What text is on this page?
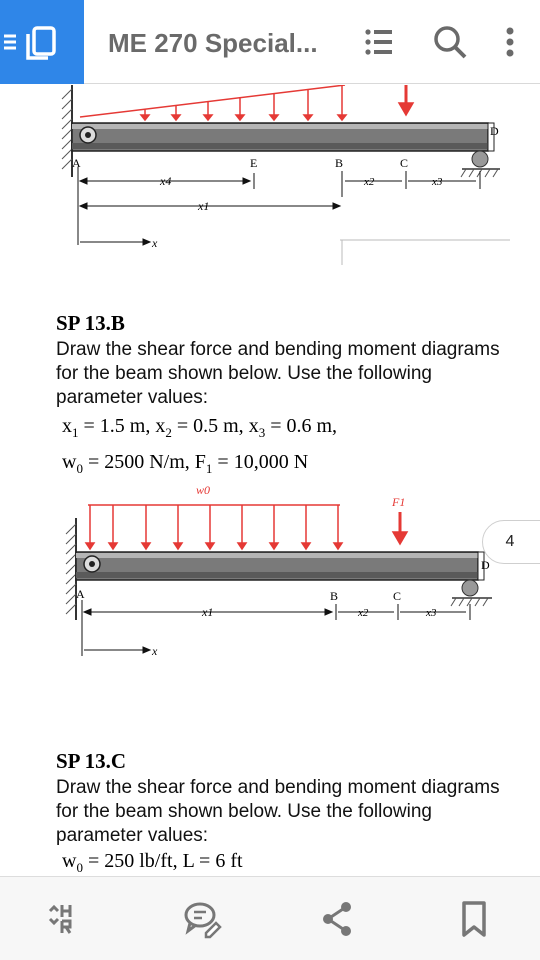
ME 270 Special...
A	E	B	C
D
x4
x1
x2	x3
x
SP 13.B
Draw the shear force and bending moment diagrams for the beam shown below. Use the following parameter values:
$x_1 = 1.5$ m, $x_2 = 0.5$ m, $x_3 = 0.6$ m,
$w_0 = 2500$ N/m, $F_1 = 10,000$ N
w0
F1
A	B	C
D
x1	x2	x3
x
SP 13.C
Draw the shear force and bending moment diagrams for the beam shown below. Use the following parameter values:
$w_0 = 250$ lb/ft, L = 6 ft
4
